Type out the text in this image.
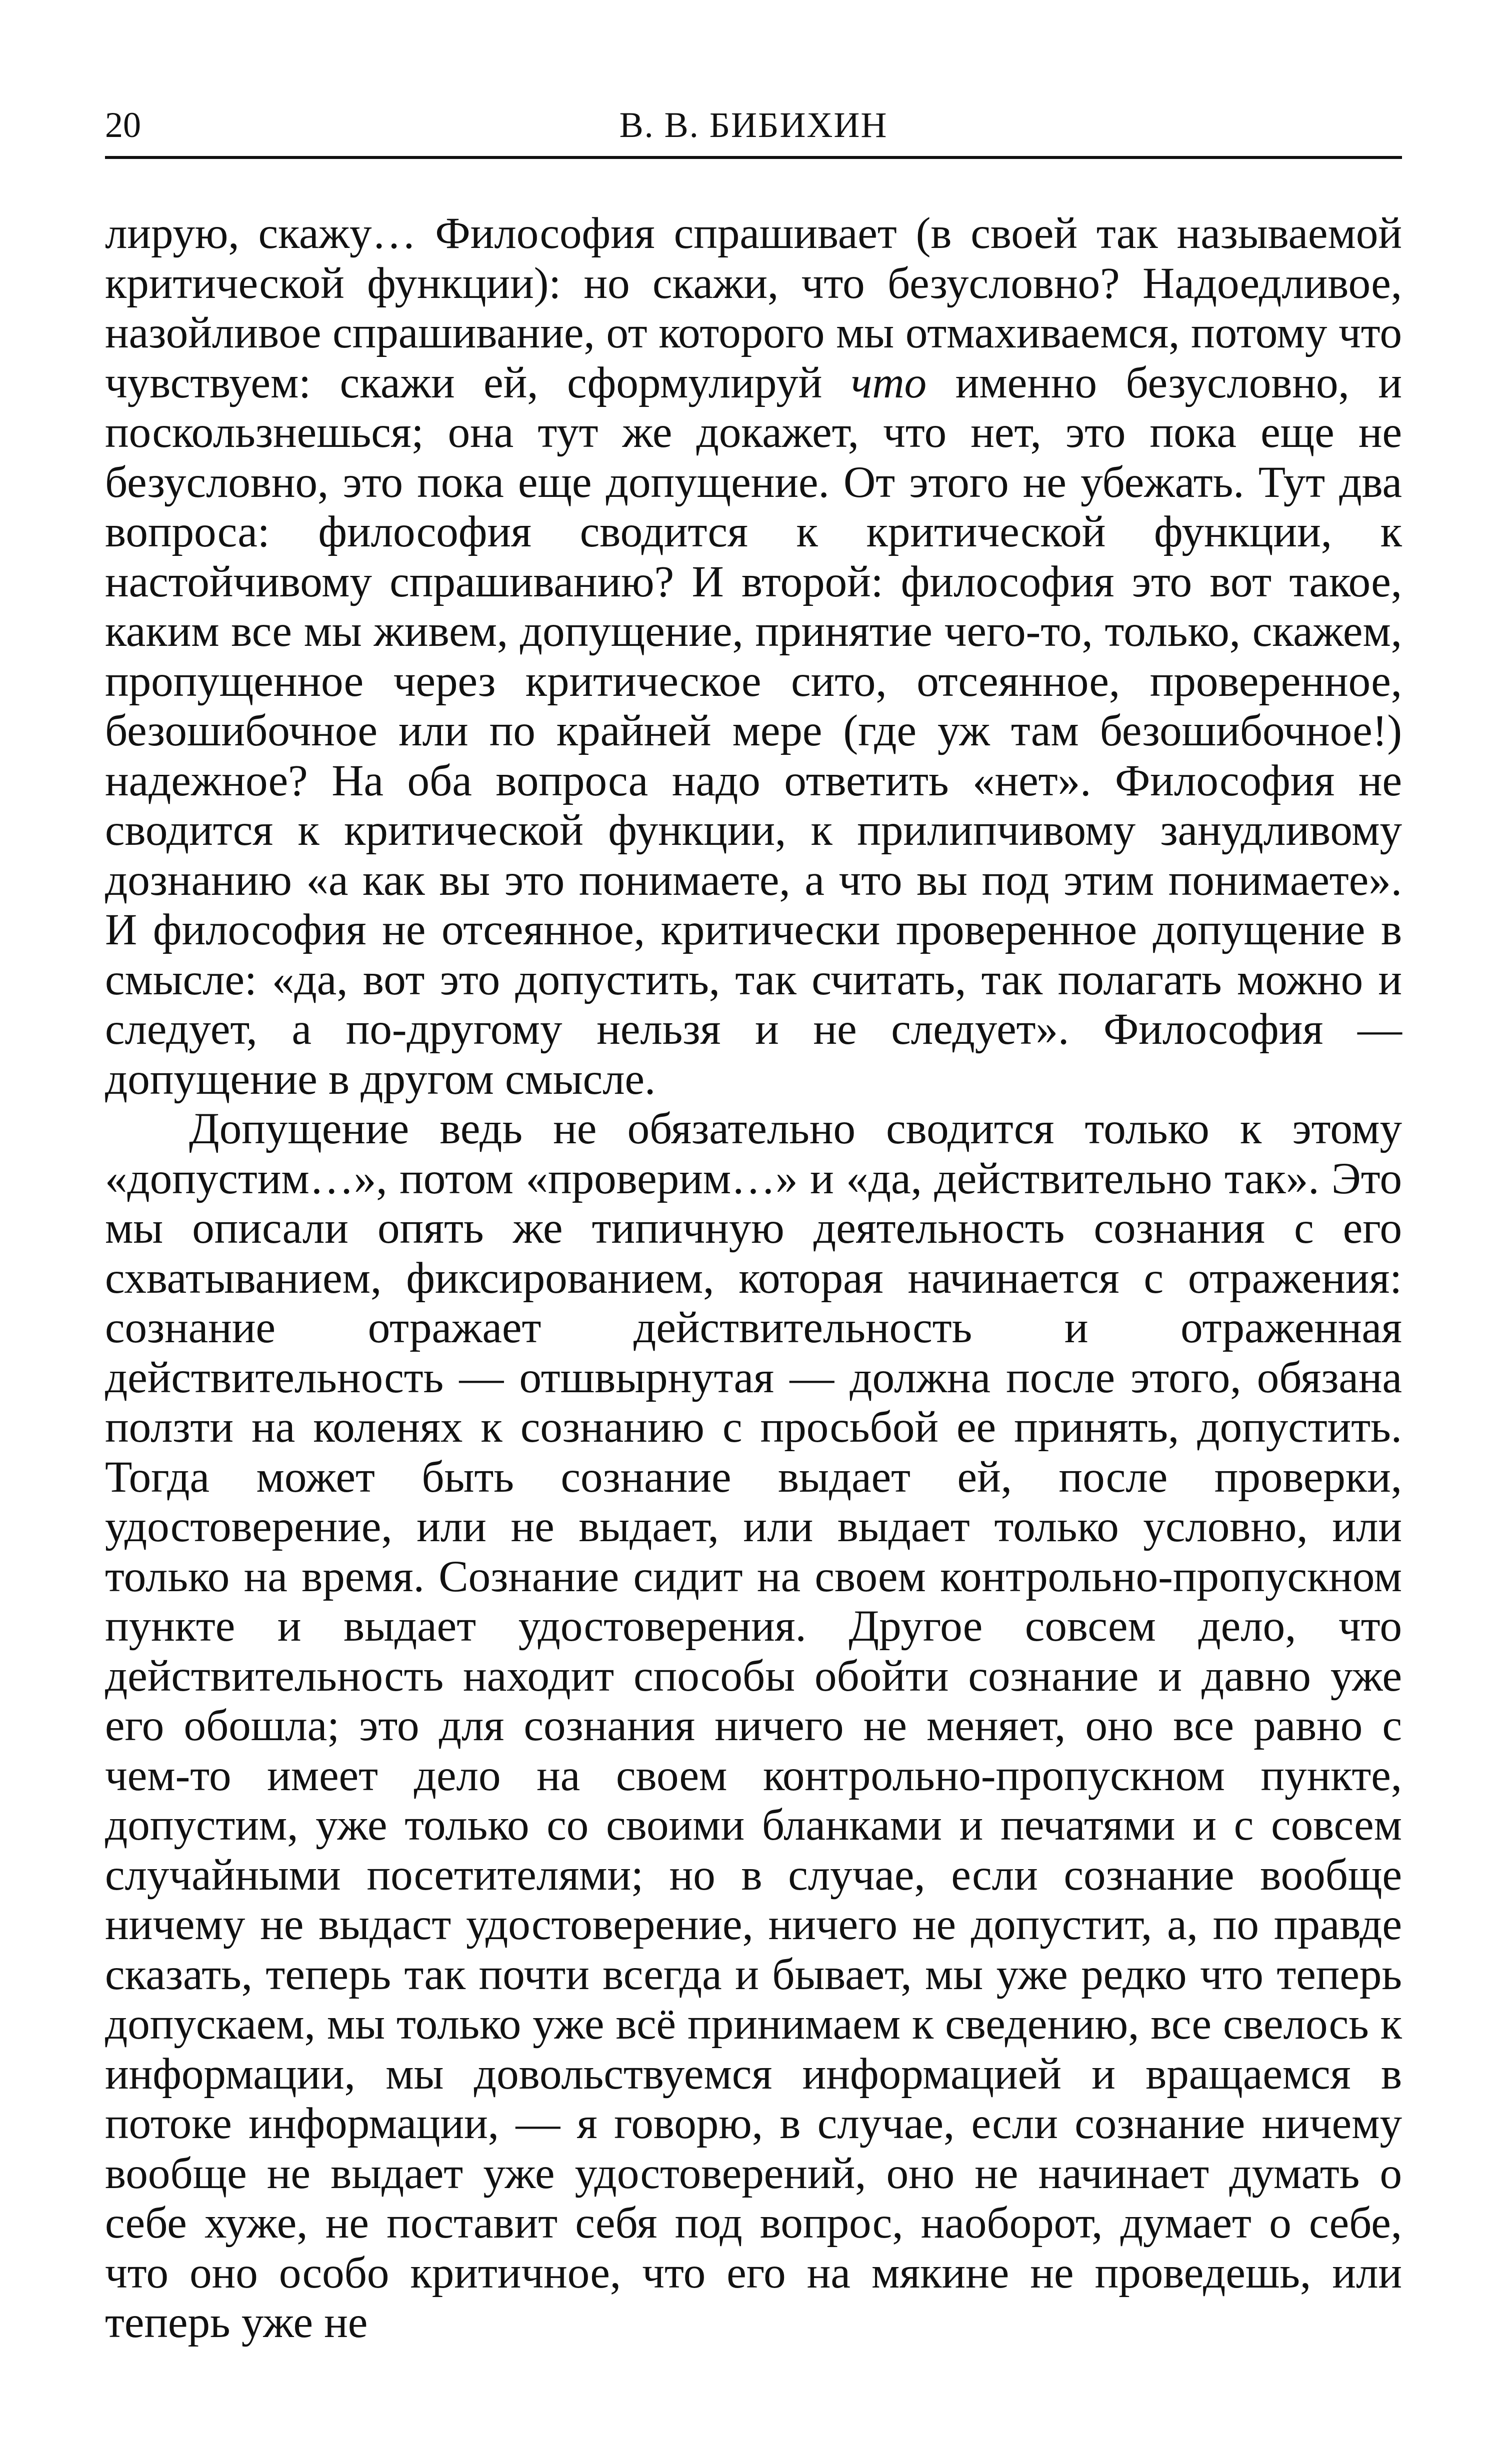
20	В. В. БИБИХИН

лирую, скажу… Философия спрашивает (в своей так называемой критической функции): но скажи, что безусловно? Надоедливое, назойливое спрашивание, от которого мы отмахиваемся, потому что чувствуем: скажи ей, сформулируй что именно безусловно, и поскользнешься; она тут же докажет, что нет, это пока еще не безусловно, это пока еще допущение. От этого не убежать. Тут два вопроса: философия сводится к критической функции, к настойчивому спрашиванию? И второй: философия это вот такое, каким все мы живем, допущение, принятие чего-то, только, скажем, пропущенное через критическое сито, отсеянное, проверенное, безошибочное или по крайней мере (где уж там безошибочное!) надежное? На оба вопроса надо ответить «нет». Философия не сводится к критической функции, к прилипчивому занудливому дознанию «а как вы это понимаете, а что вы под этим понимаете». И философия не отсеянное, критически проверенное допущение в смысле: «да, вот это допустить, так считать, так полагать можно и следует, а по-другому нельзя и не следует». Философия — допущение в другом смысле.

Допущение ведь не обязательно сводится только к этому «допустим…», потом «проверим…» и «да, действительно так». Это мы описали опять же типичную деятельность сознания с его схватыванием, фиксированием, которая начинается с отражения: сознание отражает действительность и отраженная действительность — отшвырнутая — должна после этого, обязана ползти на коленях к сознанию с просьбой ее принять, допустить. Тогда может быть сознание выдает ей, после проверки, удостоверение, или не выдает, или выдает только условно, или только на время. Сознание сидит на своем контрольно-пропускном пункте и выдает удостоверения. Другое совсем дело, что действительность находит способы обойти сознание и давно уже его обошла; это для сознания ничего не меняет, оно все равно с чем-то имеет дело на своем контрольно-пропускном пункте, допустим, уже только со своими бланками и печатями и с совсем случайными посетителями; но в случае, если сознание вообще ничему не выдаст удостоверение, ничего не допустит, а, по правде сказать, теперь так почти всегда и бывает, мы уже редко что теперь допускаем, мы только уже всё принимаем к сведению, все свелось к информации, мы довольствуемся информацией и вращаемся в потоке информации, — я говорю, в случае, если сознание ничему вообще не выдает уже удостоверений, оно не начинает думать о себе хуже, не поставит себя под вопрос, наоборот, думает о себе, что оно особо критичное, что его на мякине не проведешь, или теперь уже не
